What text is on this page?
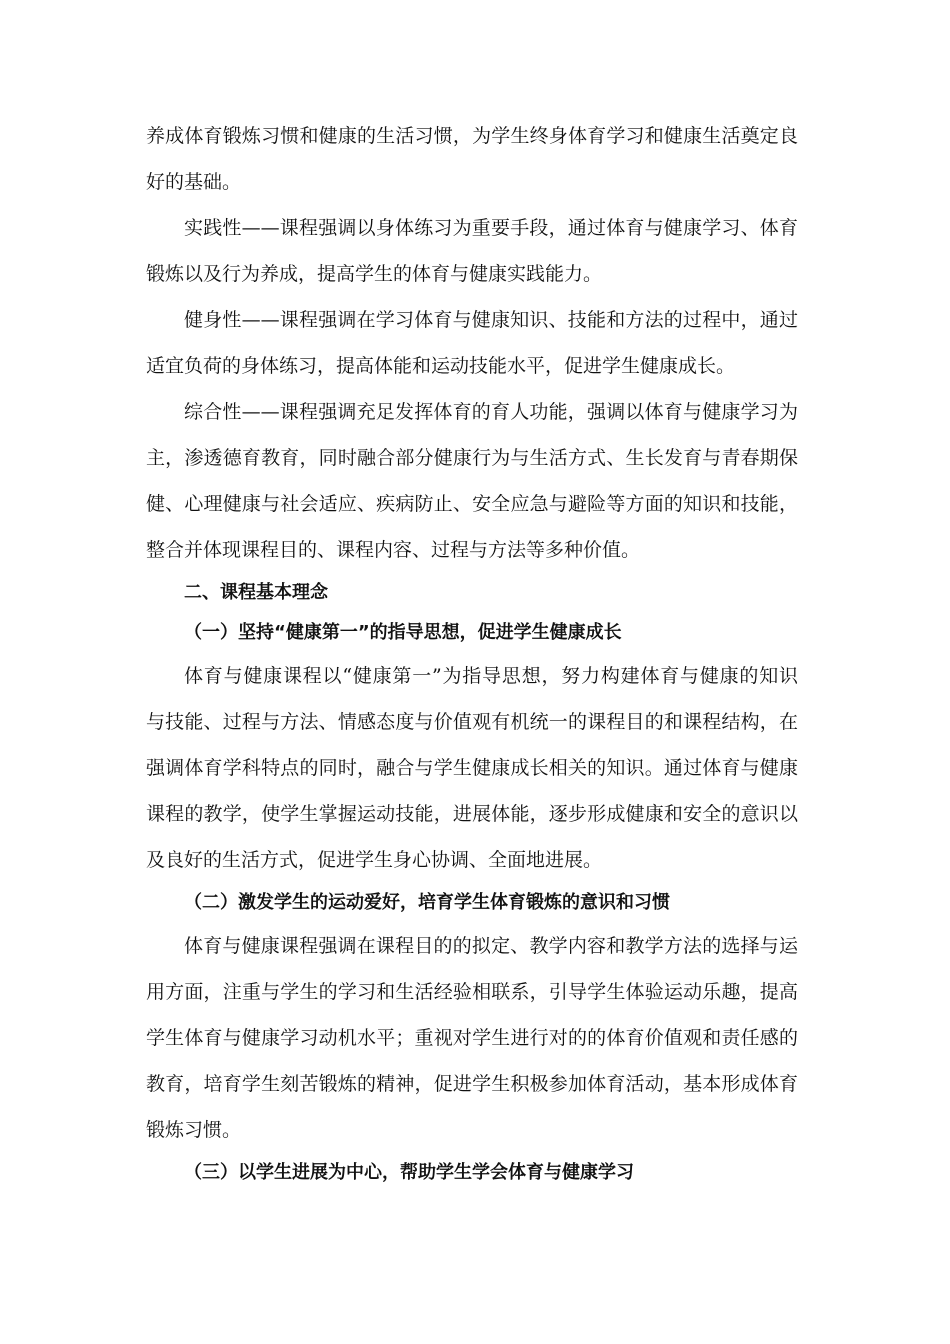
养成体育锻炼习惯和健康的生活习惯，为学生终身体育学习和健康生活奠定良
好的基础。
实践性——课程强调以身体练习为重要手段，通过体育与健康学习、体育
锻炼以及行为养成，提高学生的体育与健康实践能力。
健身性——课程强调在学习体育与健康知识、技能和方法的过程中，通过
适宜负荷的身体练习，提高体能和运动技能水平，促进学生健康成长。
综合性——课程强调充足发挥体育的育人功能，强调以体育与健康学习为
主，渗透德育教育，同时融合部分健康行为与生活方式、生长发育与青春期保
健、心理健康与社会适应、疾病防止、安全应急与避险等方面的知识和技能，
整合并体现课程目的、课程内容、过程与方法等多种价值。
二、课程基本理念
（一）坚持“健康第一”的指导思想，促进学生健康成长
体育与健康课程以“健康第一”为指导思想，努力构建体育与健康的知识
与技能、过程与方法、情感态度与价值观有机统一的课程目的和课程结构，在
强调体育学科特点的同时，融合与学生健康成长相关的知识。通过体育与健康
课程的教学，使学生掌握运动技能，进展体能，逐步形成健康和安全的意识以
及良好的生活方式，促进学生身心协调、全面地进展。
（二）激发学生的运动爱好，培育学生体育锻炼的意识和习惯
体育与健康课程强调在课程目的的拟定、教学内容和教学方法的选择与运
用方面，注重与学生的学习和生活经验相联系，引导学生体验运动乐趣，提高
学生体育与健康学习动机水平；重视对学生进行对的的体育价值观和责任感的
教育，培育学生刻苦锻炼的精神，促进学生积极参加体育活动，基本形成体育
锻炼习惯。
（三）以学生进展为中心，帮助学生学会体育与健康学习
